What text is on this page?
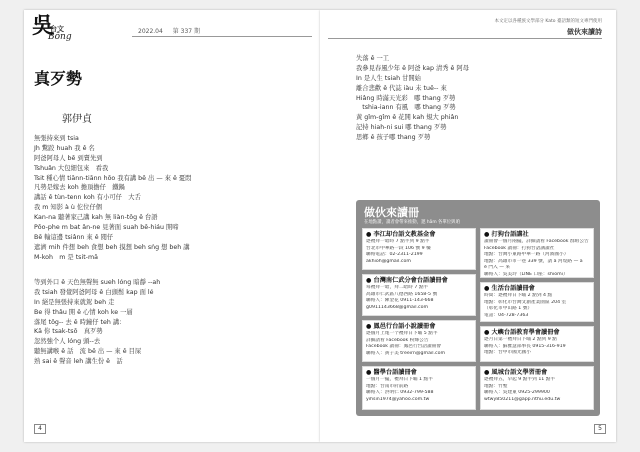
吳
台文
Bōng
2022.04 第 337 期
真歹勢
郭伊貞
無張持來到 tsia
Jh 驚跤 huah 我 ê 名
阿爸阿母人 bē 到賣先到
Tshuân 大包細包來　看我
Tsit 種心情 tiānn-tiānn hōo 我有講 bē 出 — 來 ê 憂悶
凡勢是嫁去 koh 擔頂擔仔　鐵鍋
講話 ê tùn-tenn koh 有小可仔　大舌
我 m 知影 à ù 佗位仔個
Kan-na 聽著家己講 kah 無 liàn-tōg ê 台語
Pōo-phe m bat ân-ne 見著面 suah bē-hiáu 開啼
Bē 輸這邊 tsiânn 來 ê 閱仔
遮濟 mih 件想 beh 食想 beh 摸想 beh sńg 想 beh 講
M-koh　m 是 tsit-mā
等到外口 ê 天色無聲無 sueh lóng 暗靜 --ah
我 tsiah 發覺阿爸阿母 ê 白頭鬃 kap 面 lé
In 絕是無張持來就駕 beh 走
Be 得 thâu 開 ê 心情 koh ke 一層
落尾 tōg-- 去 ê 時鐘仔 teh 講：
Kā 你 tsak-tsō　真歹勢
忽然強个人 lóng 頭--去
聽無講喉 ê 話　流 bē 出 — 來 ê 目屎
熟 sai ê 聲音 leh 講生份 ê　話
4
本文定以各種族文學部分 Kato 臺語類的短文專門使用
做伙來讀詩
失落 ê 一工
我參見春風少年 ê 阿爸 kap 清秀 ê 阿母
In 是人生 tsiah 甘開始
離合悲歡 ê 代誌 iàu 未 tuē-- 來
Hiâng 時滿天光彩　哪 thang 歹勢
　tshia-iann 有風　哪 thang 歹勢
黃 gîm-gîm ê 花開 kah 規大 phiân
記持 hiah-ni sui 哪 thang 歹勢
思鄉 ê 孩子哪 thang 歹勢
做伙來讀冊
在地點讀，讀者會帶來推動，邀 hām 各單位與咱
● 李江却台語文教基金會
逐禮拜一暗時 7 點半到 9 點半
台北市中華路一段 106 號 9 樓
聯絡電話：02-2311-2199
akhioh@gmail.com
● 台灣南仁武分會台語讀冊會
每禮拜一暗，拜二暗時 7 點半
高雄市仁武區八德西路 1658-5 號
聯絡人：陳金花 0911-143-668
g0911143668@gmail.com
● 鳳邑行台語小說讀冊會
逐個月上尾一个禮拜日下晡 5 點半
詳細請看 Facebook 粉絲公告
Facebook 讀冊：鳳邑行台語讀冊會
聯絡人：黃子美 treeirn@gmail.com
● 醫學台語讀冊會
一個月一擺，禮拜日下晡 1 點半
地點：台南市府前路
聯絡人：洪明仁 0932-799-588
yihsin1974@yahoo.com.tw
● 打狗台語講社
讀冊會一個月兩擺，詳細請看 Facebook 群組公告
Facebook 讀冊：打狗台語講讀社
地點：台灣小東路中華一路（河濱國小）
地點：高雄市市一巷 339 號，請 à 河堤路 — a
ê 門入 — 來
聯絡人：吳美玲（LINE 口座：shiomi）
● 生活台語讀冊會
時間：逐禮拜日下晡 2 點到 4 點
地點：彰化市台灣文創產業園區 204 室
（彰化市中山路 1 號）
電話：04-728-7363
● 大嶼台語教育學會讀冊會
逐月日第一禮拜日下晡 2 點到 9 點
聯絡人：蘇雅慧部事長 0915-316-919
地點：台中市國光國小
● 風城台語文學習冊會
逐禮拜五，早起 9 點半到 11 點半
地點：竹塹
聯絡人：吳建東 0925-299900
wtwy850211@gapp.nthu.edu.tw
5
